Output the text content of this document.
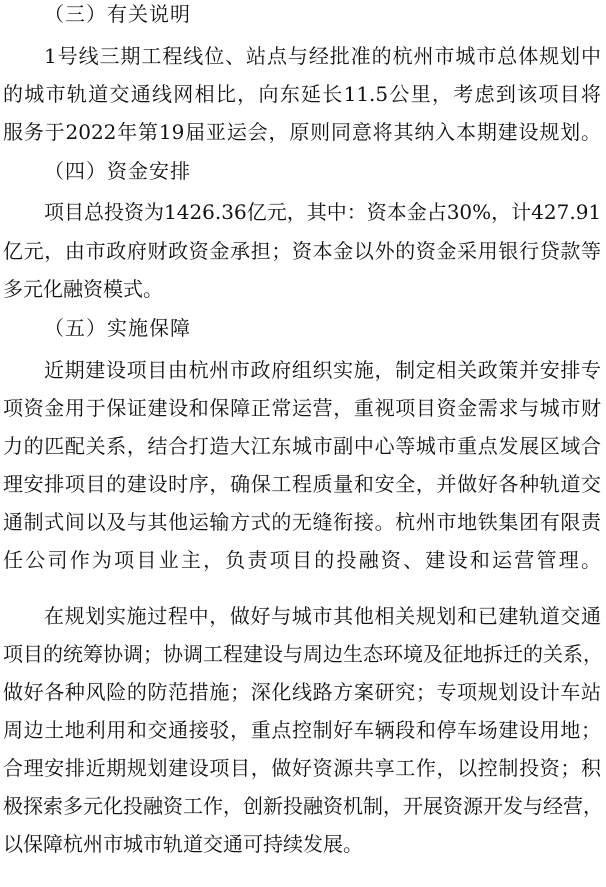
（三）有关说明
1号线三期工程线位、站点与经批准的杭州市城市总体规划中
的城市轨道交通线网相比，向东延长11.5公里，考虑到该项目将
服务于2022年第19届亚运会，原则同意将其纳入本期建设规划。
（四）资金安排
项目总投资为1426.36亿元，其中：资本金占30%，计427.91
亿元，由市政府财政资金承担；资本金以外的资金采用银行贷款等
多元化融资模式。
（五）实施保障
近期建设项目由杭州市政府组织实施，制定相关政策并安排专
项资金用于保证建设和保障正常运营，重视项目资金需求与城市财
力的匹配关系，结合打造大江东城市副中心等城市重点发展区域合
理安排项目的建设时序，确保工程质量和安全，并做好各种轨道交
通制式间以及与其他运输方式的无缝衔接。杭州市地铁集团有限责
任公司作为项目业主，负责项目的投融资、建设和运营管理。
在规划实施过程中，做好与城市其他相关规划和已建轨道交通
项目的统筹协调；协调工程建设与周边生态环境及征地拆迁的关系，
做好各种风险的防范措施；深化线路方案研究；专项规划设计车站
周边土地利用和交通接驳，重点控制好车辆段和停车场建设用地；
合理安排近期规划建设项目，做好资源共享工作，以控制投资；积
极探索多元化投融资工作，创新投融资机制，开展资源开发与经营，
以保障杭州市城市轨道交通可持续发展。
